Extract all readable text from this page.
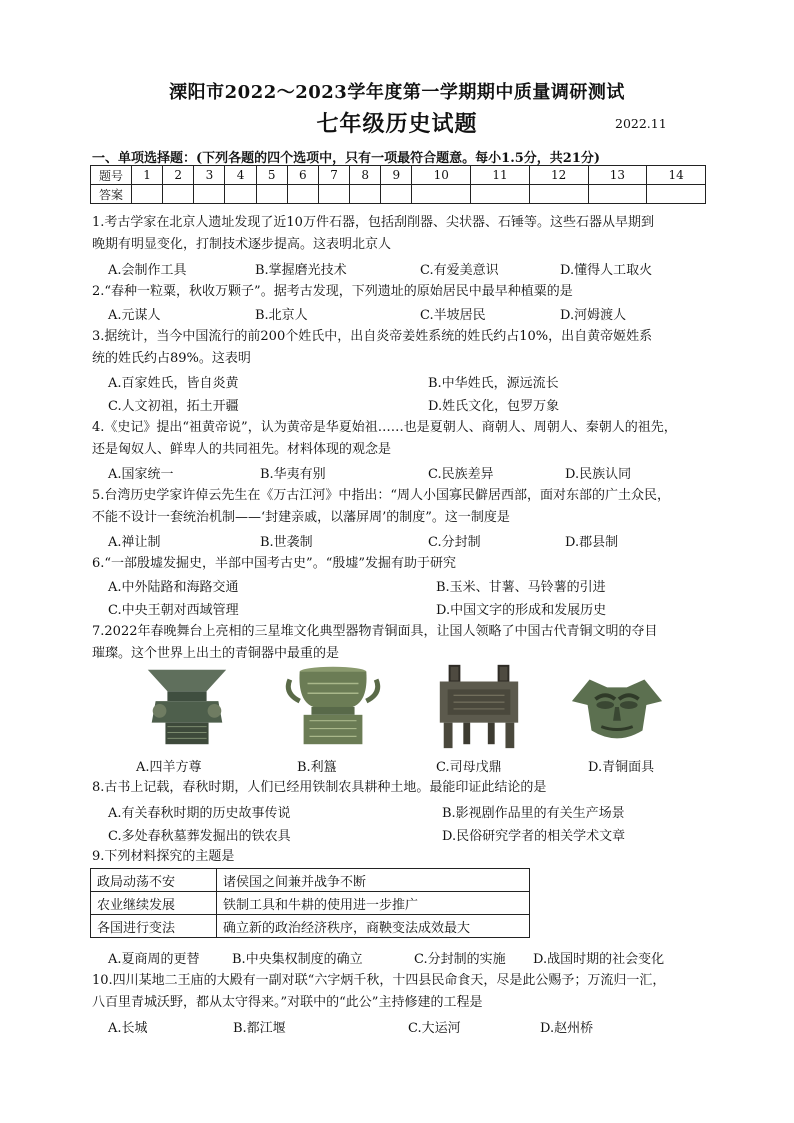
溧阳市2022～2023学年度第一学期期中质量调研测试
七年级历史试题	2022.11
一、单项选择题：(下列各题的四个选项中，只有一项最符合题意。每小1.5分，共21分)
题号	1	2	3	4	5	6	7	8	9	10	11	12	13	14
答案														
1.考古学家在北京人遗址发现了近10万件石器，包括刮削器、尖状器、石锤等。这些石器从早期到
晚期有明显变化，打制技术逐步提高。这表明北京人
A.会制作工具	B.掌握磨光技术	C.有爱美意识	D.懂得人工取火
2.“春种一粒粟，秋收万颗子”。据考古发现，下列遗址的原始居民中最早种植粟的是
A.元谋人	B.北京人	C.半坡居民	D.河姆渡人
3.据统计，当今中国流行的前200个姓氏中，出自炎帝姜姓系统的姓氏约占10%，出自黄帝姬姓系
统的姓氏约占89%。这表明
A.百家姓氏，皆自炎黄	B.中华姓氏，源远流长
C.人文初祖，拓土开疆	D.姓氏文化，包罗万象
4.《史记》提出“祖黄帝说”，认为黄帝是华夏始祖……也是夏朝人、商朝人、周朝人、秦朝人的祖先，
还是匈奴人、鲜卑人的共同祖先。材料体现的观念是
A.国家统一	B.华夷有别	C.民族差异	D.民族认同
5.台湾历史学家许倬云先生在《万古江河》中指出：“周人小国寡民僻居西部，面对东部的广土众民，
不能不设计一套统治机制——‘封建亲戚，以藩屏周’的制度”。这一制度是
A.禅让制	B.世袭制	C.分封制	D.郡县制
6.“一部殷墟发掘史，半部中国考古史”。“殷墟”发掘有助于研究
A.中外陆路和海路交通	B.玉米、甘薯、马铃薯的引进
C.中央王朝对西域管理	D.中国文字的形成和发展历史
7.2022年春晚舞台上亮相的三星堆文化典型器物青铜面具，让国人领略了中国古代青铜文明的夺目
璀璨。这个世界上出土的青铜器中最重的是
A.四羊方尊	B.利簋	C.司母戊鼎	D.青铜面具
8.古书上记载，春秋时期，人们已经用铁制农具耕种土地。最能印证此结论的是
A.有关春秋时期的历史故事传说	B.影视剧作品里的有关生产场景
C.多处春秋墓葬发掘出的铁农具	D.民俗研究学者的相关学术文章
9.下列材料探究的主题是
政局动荡不安	诸侯国之间兼并战争不断
农业继续发展	铁制工具和牛耕的使用进一步推广
各国进行变法	确立新的政治经济秩序，商鞅变法成效最大
A.夏商周的更替 B.中央集权制度的确立	C.分封制的实施 D.战国时期的社会变化
10.四川某地二王庙的大殿有一副对联“六字炳千秋，十四县民命食天，尽是此公赐予；万流归一汇，
八百里青城沃野，都从太守得来。”对联中的“此公”主持修建的工程是
A.长城	B.都江堰	C.大运河	D.赵州桥
